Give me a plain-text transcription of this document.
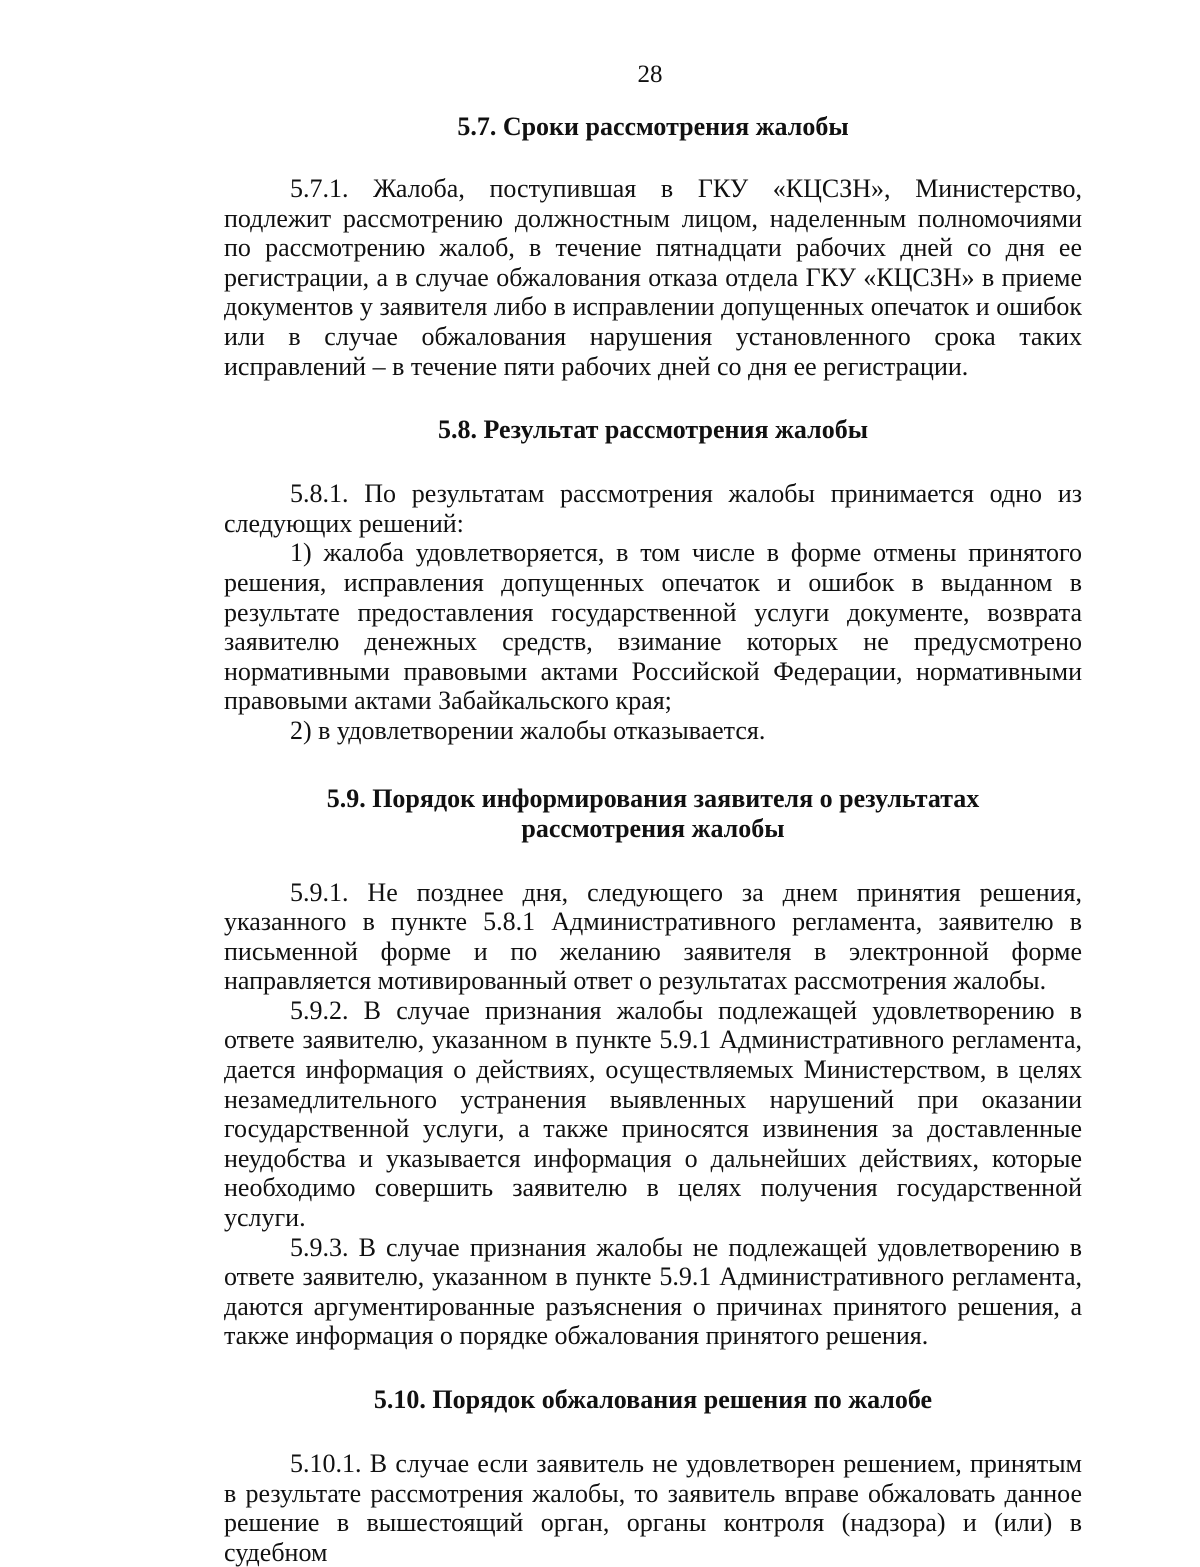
28
5.7. Сроки рассмотрения жалобы

5.7.1. Жалоба, поступившая в ГКУ «КЦСЗН», Министерство, подлежит рассмотрению должностным лицом, наделенным полномочиями по рассмотрению жалоб, в течение пятнадцати рабочих дней со дня ее регистрации, а в случае обжалования отказа отдела ГКУ «КЦСЗН» в приеме документов у заявителя либо в исправлении допущенных опечаток и ошибок или в случае обжалования нарушения установленного срока таких исправлений – в течение пяти рабочих дней со дня ее регистрации.

5.8. Результат рассмотрения жалобы

5.8.1. По результатам рассмотрения жалобы принимается одно из следующих решений:

1) жалоба удовлетворяется, в том числе в форме отмены принятого решения, исправления допущенных опечаток и ошибок в выданном в результате предоставления государственной услуги документе, возврата заявителю денежных средств, взимание которых не предусмотрено нормативными правовыми актами Российской Федерации, нормативными правовыми актами Забайкальского края;

2) в удовлетворении жалобы отказывается.

5.9. Порядок информирования заявителя о результатах
рассмотрения жалобы

5.9.1. Не позднее дня, следующего за днем принятия решения, указанного в пункте 5.8.1 Административного регламента, заявителю в письменной форме и по желанию заявителя в электронной форме направляется мотивированный ответ о результатах рассмотрения жалобы.

5.9.2. В случае признания жалобы подлежащей удовлетворению в ответе заявителю, указанном в пункте 5.9.1 Административного регламента, дается информация о действиях, осуществляемых Министерством, в целях незамедлительного устранения выявленных нарушений при оказании государственной услуги, а также приносятся извинения за доставленные неудобства и указывается информация о дальнейших действиях, которые необходимо совершить заявителю в целях получения государственной услуги.

5.9.3. В случае признания жалобы не подлежащей удовлетворению в ответе заявителю, указанном в пункте 5.9.1 Административного регламента, даются аргументированные разъяснения о причинах принятого решения, а также информация о порядке обжалования принятого решения.

5.10. Порядок обжалования решения по жалобе

5.10.1. В случае если заявитель не удовлетворен решением, принятым в результате рассмотрения жалобы, то заявитель вправе обжаловать данное решение в вышестоящий орган, органы контроля (надзора) и (или) в судебном
